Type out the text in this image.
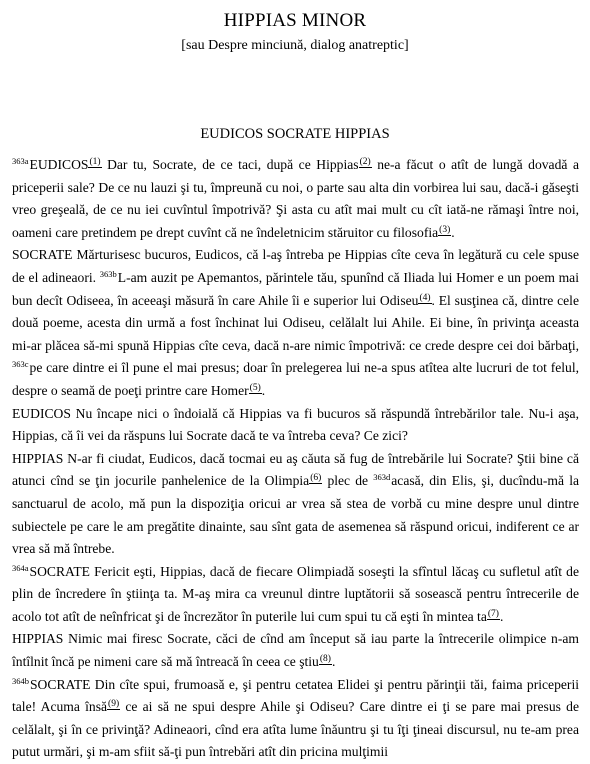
HIPPIAS MINOR
[sau Despre minciună, dialog anatreptic]
EUDICOS SOCRATE HIPPIAS

$^{363a}$EUDICOS$^{(1)}$ Dar tu, Socrate, de ce taci, după ce Hippias$^{(2)}$ ne-a făcut o atît de lungă dovadă a priceperii sale? De ce nu lauzi şi tu, împreună cu noi, o parte sau alta din vorbirea lui sau, dacă-i găseşti vreo greşeală, de ce nu iei cuvîntul împotrivă? Şi asta cu atît mai mult cu cît iată-ne rămaşi între noi, oameni care pretindem pe drept cuvînt că ne îndeletnicim stăruitor cu filosofia$^{(3)}$.

SOCRATE Mărturisesc bucuros, Eudicos, că l-aş întreba pe Hippias cîte ceva în legătură cu cele spuse de el adineaori. $^{363b}$L-am auzit pe Apemantos, părintele tău, spunînd că Iliada lui Homer e un poem mai bun decît Odiseea, în aceeaşi măsură în care Ahile îi e superior lui Odiseu$^{(4)}$. El susţinea că, dintre cele două poeme, acesta din urmă a fost închinat lui Odiseu, celălalt lui Ahile. Ei bine, în privinţa aceasta mi-ar plăcea să-mi spună Hippias cîte ceva, dacă n-are nimic împotrivă: ce crede despre cei doi bărbaţi, $^{363c}$pe care dintre ei îl pune el mai presus; doar în prelegerea lui ne-a spus atîtea alte lucruri de tot felul, despre o seamă de poeţi printre care Homer$^{(5)}$.

EUDICOS Nu încape nici o îndoială că Hippias va fi bucuros să răspundă întrebărilor tale. Nu-i aşa, Hippias, că îi vei da răspuns lui Socrate dacă te va întreba ceva? Ce zici?

HIPPIAS N-ar fi ciudat, Eudicos, dacă tocmai eu aş căuta să fug de întrebările lui Socrate? Ştii bine că atunci cînd se ţin jocurile panhelenice de la Olimpia$^{(6)}$ plec de $^{363d}$acasă, din Elis, şi, ducîndu-mă la sanctuarul de acolo, mă pun la dispoziţia oricui ar vrea să stea de vorbă cu mine despre unul dintre subiectele pe care le am pregătite dinainte, sau sînt gata de asemenea să răspund oricui, indiferent ce ar vrea să mă întrebe.

$^{364a}$SOCRATE Fericit eşti, Hippias, dacă de fiecare Olimpiadă soseşti la sfîntul lăcaş cu sufletul atît de plin de încredere în ştiinţa ta. M-aş mira ca vreunul dintre luptătorii să sosească pentru întrecerile de acolo tot atît de neînfricat şi de încrezător în puterile lui cum spui tu că eşti în mintea ta$^{(7)}$.

HIPPIAS Nimic mai firesc Socrate, căci de cînd am început să iau parte la întrecerile olimpice n-am întîlnit încă pe nimeni care să mă întreacă în ceea ce ştiu$^{(8)}$.

$^{364b}$SOCRATE Din cîte spui, frumoasă e, şi pentru cetatea Elidei şi pentru părinţii tăi, faima priceperii tale! Acuma însă$^{(9)}$ ce ai să ne spui despre Ahile şi Odiseu? Care dintre ei ţi se pare mai presus de celălalt, şi în ce privinţă? Adineaori, cînd era atîta lume înăuntru şi tu îţi ţineai discursul, nu te-am prea putut urmări, şi m-am sfiit să-ţi pun întrebări atît din pricina mulţimii
